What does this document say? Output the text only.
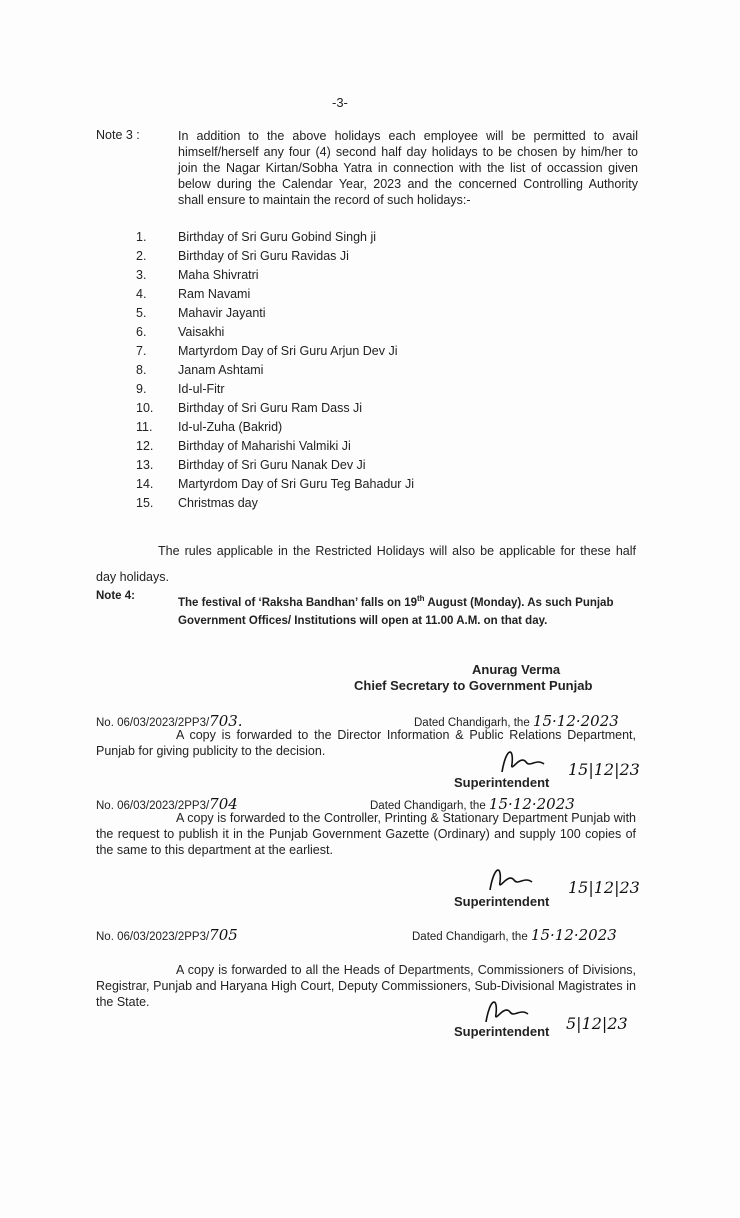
-3-
Note 3 :	In addition to the above holidays each employee will be permitted to avail himself/herself any four (4) second half day holidays to be chosen by him/her to join the Nagar Kirtan/Sobha Yatra in connection with the list of occassion given below during the Calendar Year, 2023 and the concerned Controlling Authority shall ensure to maintain the record of such holidays:-
1.	Birthday of Sri Guru Gobind Singh ji
2.	Birthday of Sri Guru Ravidas Ji
3.	Maha Shivratri
4.	Ram Navami
5.	Mahavir Jayanti
6.	Vaisakhi
7.	Martyrdom Day of Sri Guru Arjun Dev Ji
8.	Janam Ashtami
9.	Id-ul-Fitr
10. Birthday of Sri Guru Ram Dass Ji
11. Id-ul-Zuha (Bakrid)
12. Birthday of Maharishi Valmiki Ji
13. Birthday of Sri Guru Nanak Dev Ji
14. Martyrdom Day of Sri Guru Teg Bahadur Ji
15. Christmas day
The rules applicable in the Restricted Holidays will also be applicable for these half day holidays.
Note 4:
The festival of ‘Raksha Bandhan’ falls on 19th August (Monday). As such Punjab Government Offices/ Institutions will open at 11.00 A.M. on that day.
Anurag Verma
Chief Secretary to Government Punjab
No. 06/03/2023/2PP3/703.	Dated Chandigarh, the 15·12·2023
A copy is forwarded to the Director Information & Public Relations Department, Punjab for giving publicity to the decision.
Superintendent
15|12|23
No. 06/03/2023/2PP3/704	Dated Chandigarh, the 15·12·2023
A copy is forwarded to the Controller, Printing & Stationary Department Punjab with the request to publish it in the Punjab Government Gazette (Ordinary) and supply 100 copies of the same to this department at the earliest.
Superintendent
15|12|23
No. 06/03/2023/2PP3/705	Dated Chandigarh, the 15·12·2023
A copy is forwarded to all the Heads of Departments, Commissioners of Divisions, Registrar, Punjab and Haryana High Court, Deputy Commissioners, Sub-Divisional Magistrates in the State.
Superintendent 5|12|23
